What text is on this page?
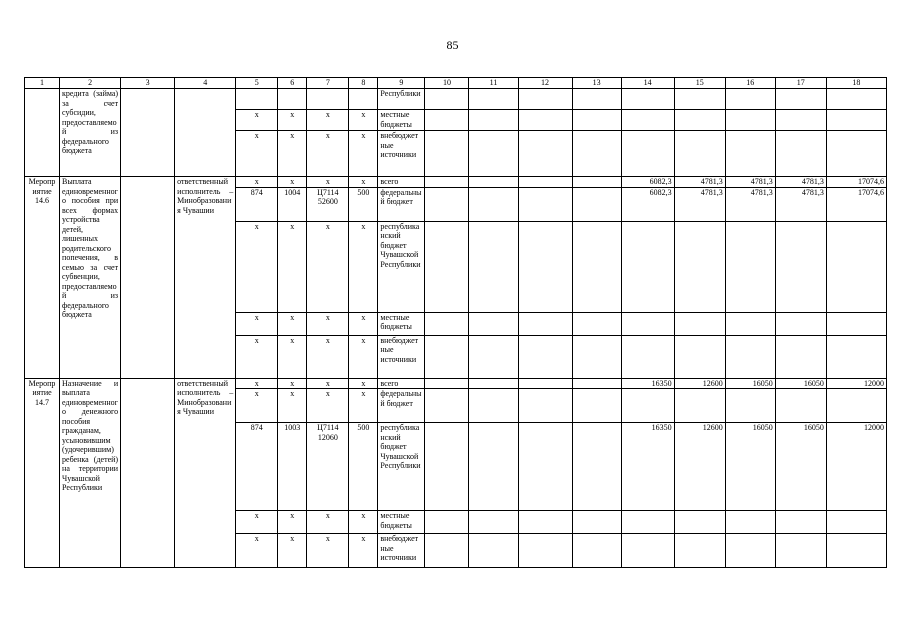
85
1	2	3	4	5	6	7	8	9	10	11	12	13	14	15	16	17	18
	кредита (займа) за счет субсидии, предоставляемой из федерального бюджета							Республики									
				х	х	х	х	местные бюджеты									
				х	х	х	х	внебюджетные источники									
Мероприятие 14.6	Выплата единовременного пособия при всех формах устройства детей, лишенных родительского попечения, в семью за счет субвенции, предоставляемой из федерального бюджета		ответственный исполнитель – Минобразования Чувашии	х	х	х	х	всего					6082,3	4781,3	4781,3	4781,3	17074,6
				874	1004	Ц7114 52600	500	федеральный бюджет					6082,3	4781,3	4781,3	4781,3	17074,6
				х	х	х	х	республиканский бюджет Чувашской Республики									
				х	х	х	х	местные бюджеты									
				х	х	х	х	внебюджетные источники									
Мероприятие 14.7	Назначение и выплата единовременного денежного пособия гражданам, усыновившим (удочерившим) ребенка (детей) на территории Чувашской Республики		ответственный исполнитель – Минобразования Чувашии	х	х	х	х	всего					16350	12600	16050	16050	12000
				х	х	х	х	федеральный бюджет									
				874	1003	Ц7114 12060	500	республиканский бюджет Чувашской Республики					16350	12600	16050	16050	12000
				х	х	х	х	местные бюджеты									
				х	х	х	х	внебюджетные источники									
